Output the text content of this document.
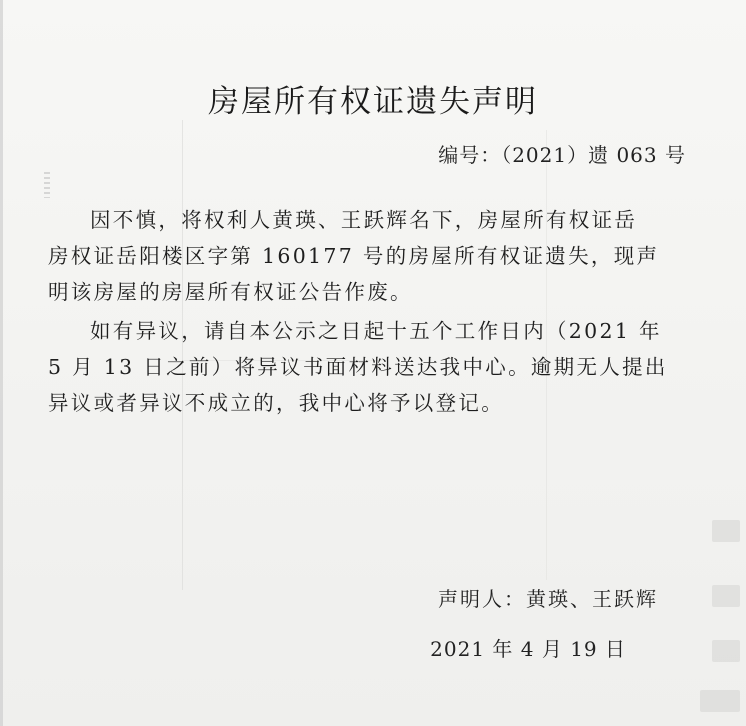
房屋所有权证遗失声明
编号：（2021）遗 063 号
因不慎，将权利人黄瑛、王跃辉名下，房屋所有权证岳
房权证岳阳楼区字第 160177 号的房屋所有权证遗失，现声
明该房屋的房屋所有权证公告作废。
如有异议，请自本公示之日起十五个工作日内（2021 年
5 月 13 日之前）将异议书面材料送达我中心。逾期无人提出
异议或者异议不成立的，我中心将予以登记。
声明人：黄瑛、王跃辉
2021 年 4 月 19 日
